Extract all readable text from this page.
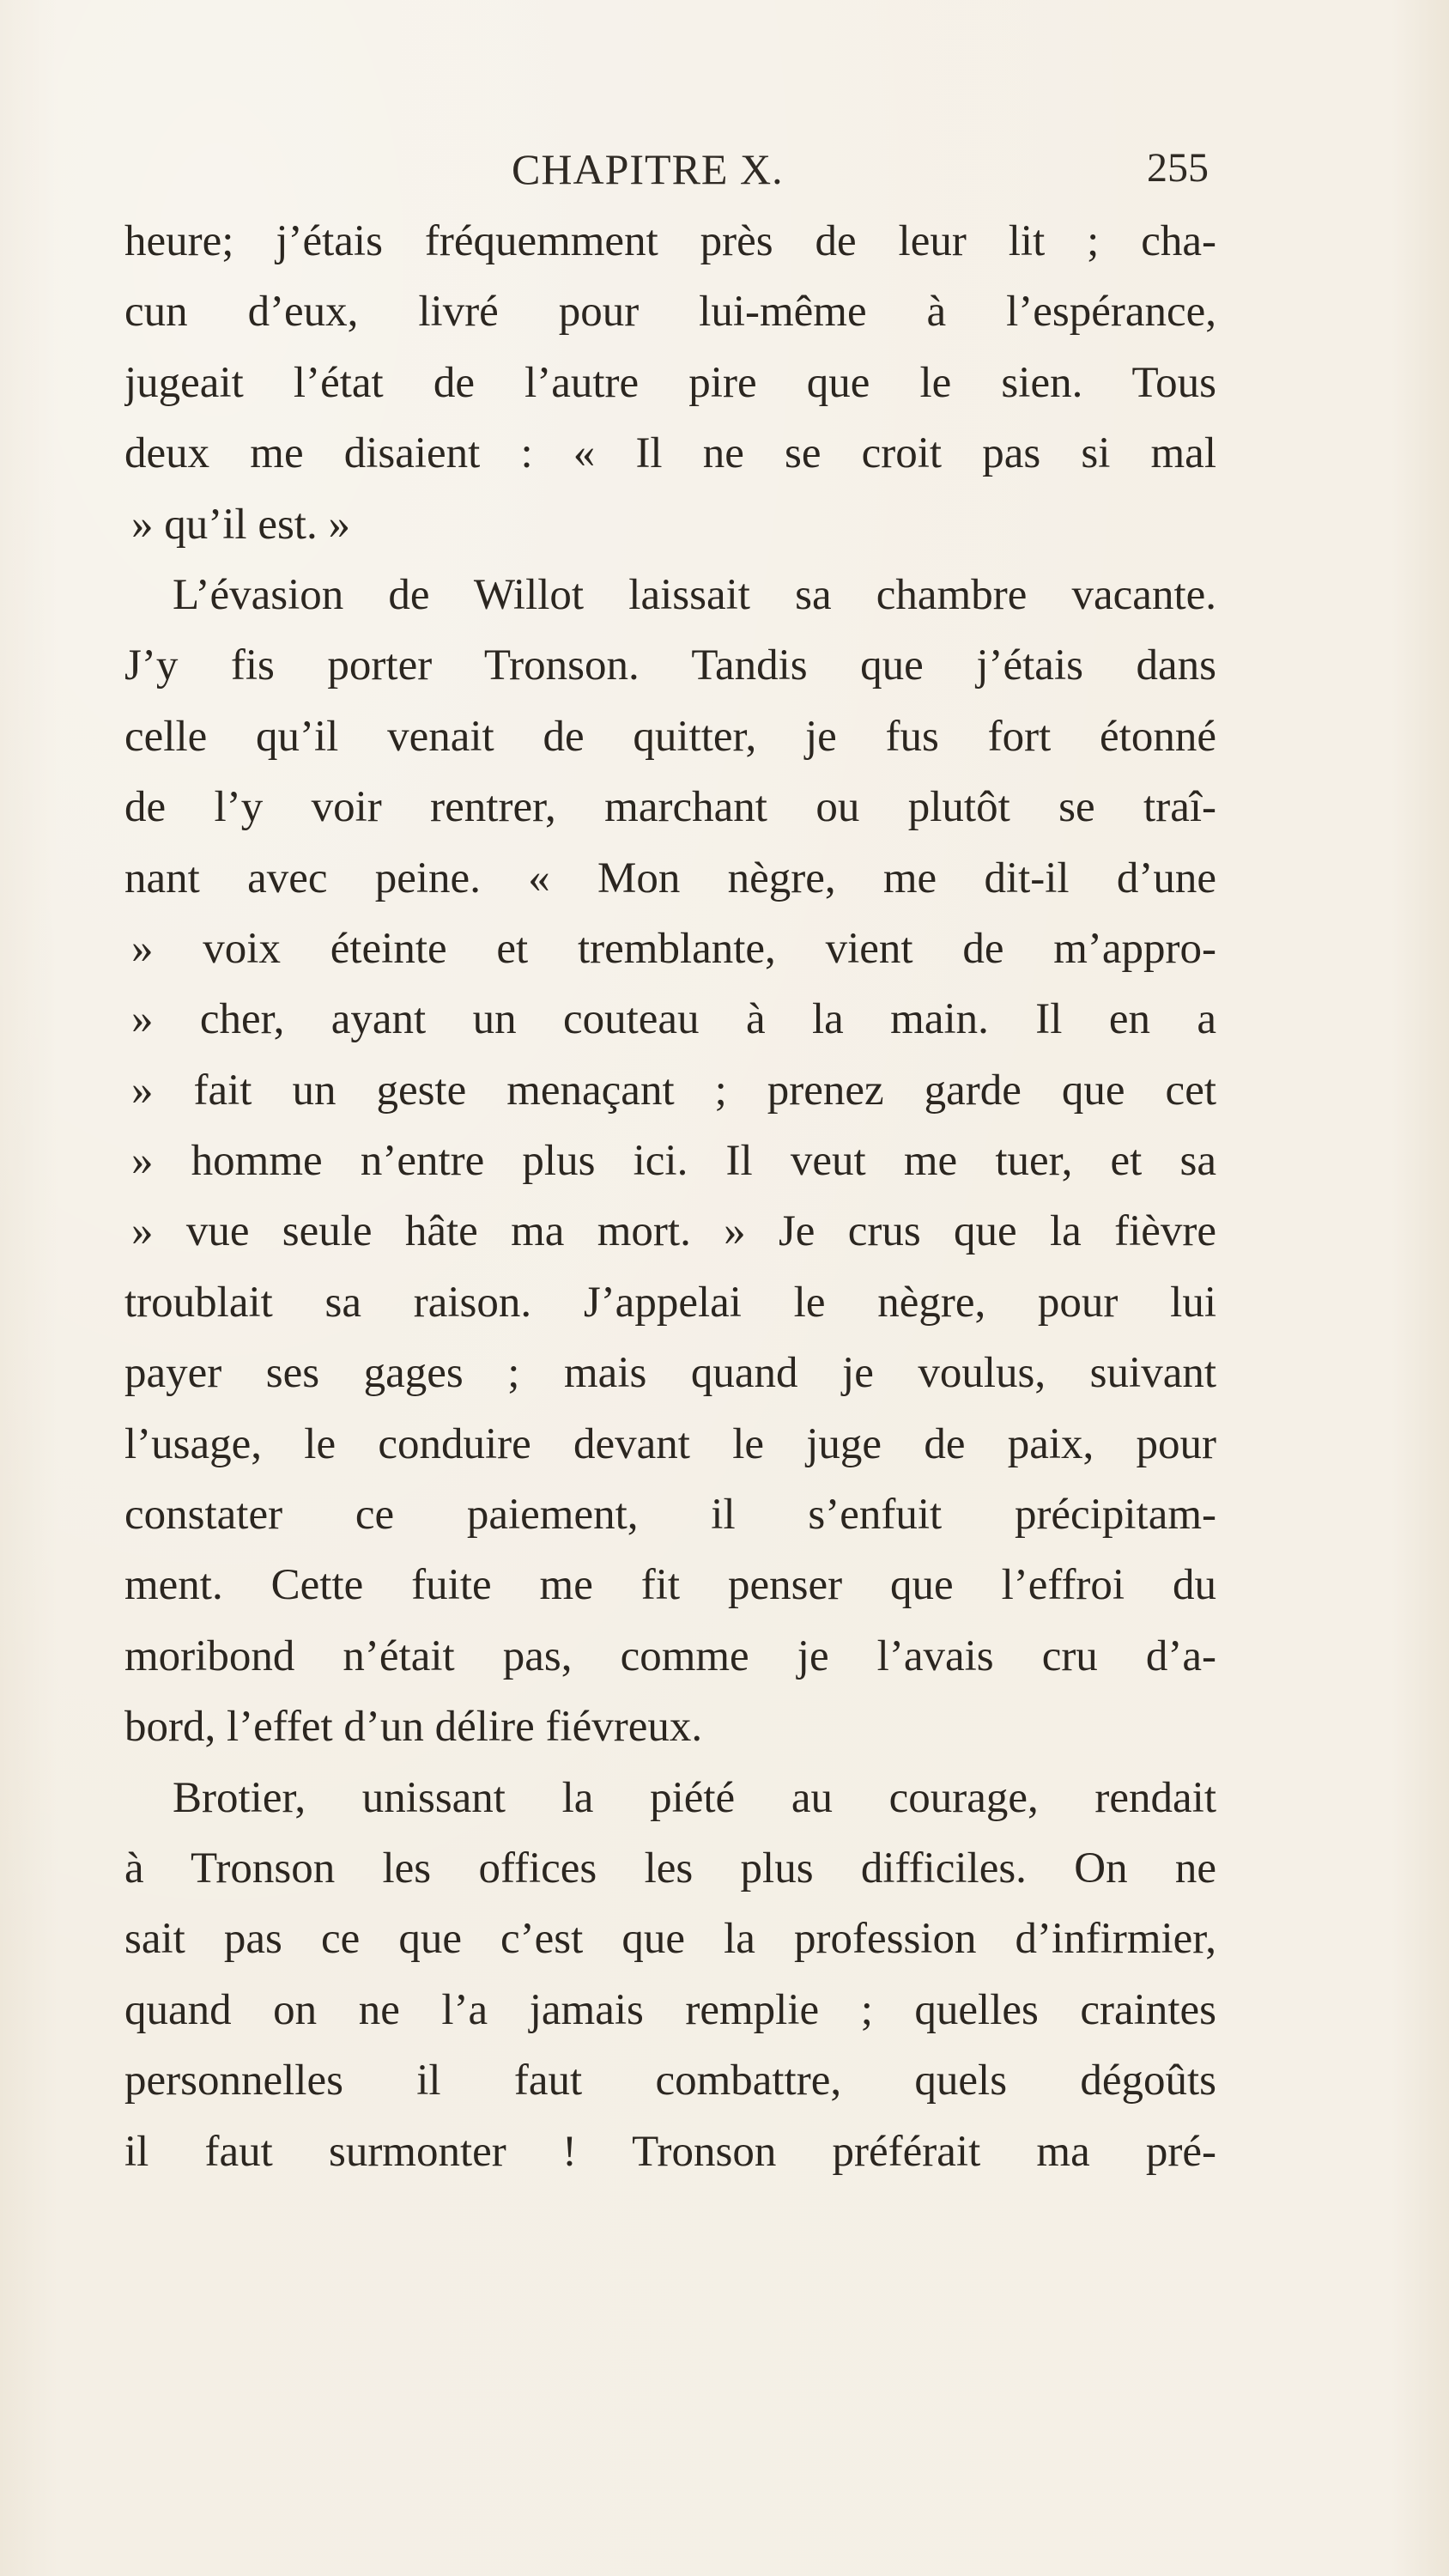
CHAPITRE X.	255
heure; j’étais fréquemment près de leur lit ; cha-
cun d’eux, livré pour lui-même à l’espérance,
jugeait l’état de l’autre pire que le sien. Tous
deux me disaient : « Il ne se croit pas si mal
» qu’il est. »
L’évasion de Willot laissait sa chambre vacante.
J’y fis porter Tronson. Tandis que j’étais dans
celle qu’il venait de quitter, je fus fort étonné
de l’y voir rentrer, marchant ou plutôt se traî-
nant avec peine. « Mon nègre, me dit-il d’une
» voix éteinte et tremblante, vient de m’appro-
» cher, ayant un couteau à la main. Il en a
» fait un geste menaçant ; prenez garde que cet
» homme n’entre plus ici. Il veut me tuer, et sa
» vue seule hâte ma mort. » Je crus que la fièvre
troublait sa raison. J’appelai le nègre, pour lui
payer ses gages ; mais quand je voulus, suivant
l’usage, le conduire devant le juge de paix, pour
constater ce paiement, il s’enfuit précipitam-
ment. Cette fuite me fit penser que l’effroi du
moribond n’était pas, comme je l’avais cru d’a-
bord, l’effet d’un délire fiévreux.
Brotier, unissant la piété au courage, rendait
à Tronson les offices les plus difficiles. On ne
sait pas ce que c’est que la profession d’infirmier,
quand on ne l’a jamais remplie ; quelles craintes
personnelles il faut combattre, quels dégoûts
il faut surmonter ! Tronson préférait ma pré-
